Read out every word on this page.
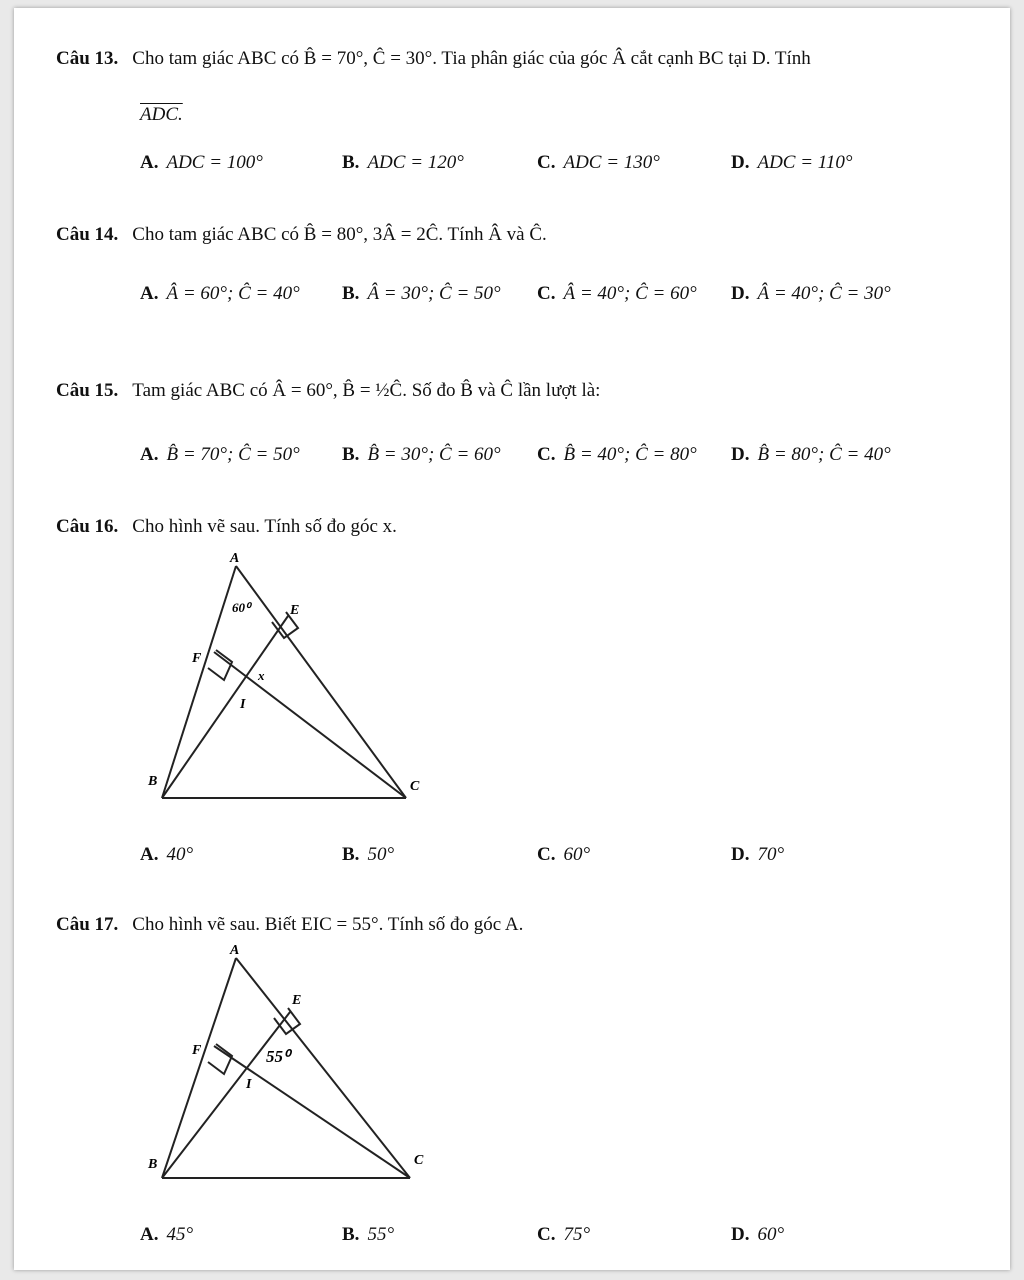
Câu 13. Cho tam giác ABC có B̂ = 70°, Ĉ = 30°. Tia phân giác của góc Â cắt cạnh BC tại D. Tính
ADC.
A. ADC = 100°	B. ADC = 120°	C. ADC = 130°	D. ADC = 110°
Câu 14. Cho tam giác ABC có B̂ = 80°, 3Â = 2Ĉ. Tính Â và Ĉ.
A. Â = 60°; Ĉ = 40° B. Â = 30°; Ĉ = 50° C. Â = 40°; Ĉ = 60° D. Â = 40°; Ĉ = 30°
Câu 15. Tam giác ABC có Â = 60°, B̂ = ½Ĉ. Số đo B̂ và Ĉ lần lượt là:
A. B̂ = 70°; Ĉ = 50° B. B̂ = 30°; Ĉ = 60° C. B̂ = 40°; Ĉ = 80° D. B̂ = 80°; Ĉ = 40°
Câu 16. Cho hình vẽ sau. Tính số đo góc x.
A
B	C
E
F
I
60⁰
x
A. 40°	B. 50°	C. 60°	D. 70°
Câu 17. Cho hình vẽ sau. Biết EIC = 55°. Tính số đo góc A.
A
B	C
E
F
I
55⁰
A. 45°	B. 55°	C. 75°	D. 60°
